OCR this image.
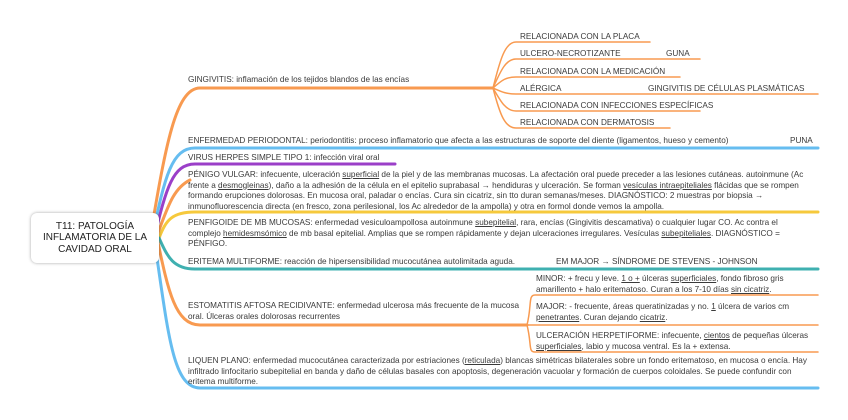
T11: PATOLOGÍA INFLAMATORIA DE LA CAVIDAD ORAL
GINGIVITIS: inflamación de los tejidos blandos de las encías
RELACIONADA CON LA PLACA
ULCERO-NECROTIZANTE	GUNA
RELACIONADA CON LA MEDICACIÓN
ALÉRGICA	GINGIVITIS DE CÉLULAS PLASMÁTICAS
RELACIONADA CON INFECCIONES ESPECÍFICAS
RELACIONADA CON DERMATOSIS
ENFERMEDAD PERIODONTAL: periodontitis: proceso inflamatorio que afecta a las estructuras de soporte del diente (ligamentos, hueso y cemento)	PUNA
VIRUS HERPES SIMPLE TIPO 1: infección viral oral

PÉNIGO VULGAR: infecuente, ulceración superficial de la piel y de las membranas mucosas. La afectación oral puede preceder a las lesiones cutáneas. autoinmune (Ac frente a desmogleinas), daño a la adhesión de la célula en el epitelio suprabasal → hendiduras y ulceración. Se forman vesículas intraepiteliales flácidas que se rompen formando erupciones dolorosas. En mucosa oral, paladar o encías. Cura sin cicatriz, sin tto duran semanas/meses. DIAGNÓSTICO: 2 muestras por biopsia → inmunofluorescencia directa (en fresco, zona perilesional, los Ac alrededor de la ampolla) y otra en formol donde vemos la ampolla.

PENFIGOIDE DE MB MUCOSAS: enfermedad vesiculoampollosa autoinmune subepitelial, rara, encías (Gingivitis descamativa) o cualquier lugar CO. Ac contra el complejo hemidesmsómico de mb basal epitelial. Amplias que se rompen rápidamente y dejan ulceraciones irregulares. Vesículas subepiteliales. DIAGNÓSTICO = PÉNFIGO.

ERITEMA MULTIFORME: reacción de hipersensibilidad mucocutánea autolimitada aguda.	EM MAJOR → SÍNDROME DE STEVENS - JOHNSON

ESTOMATITIS AFTOSA RECIDIVANTE: enfermedad ulcerosa más frecuente de la mucosa oral. Úlceras orales dolorosas recurrentes

MINOR: + frecu y leve. 1 o + úlceras superficiales, fondo fibroso gris amarillento + halo eritematoso. Curan a los 7-10 días sin cicatriz.

MAJOR: - frecuente, áreas queratinizadas y no. 1 úlcera de varios cm penetrantes. Curan dejando cicatriz.

ULCERACIÓN HERPETIFORME: infecuente, cientos de pequeñas úlceras superficiales, labio y mucosa ventral. Es la + extensa.

LIQUEN PLANO: enfermedad mucocutánea caracterizada por estriaciones (reticulada) blancas simétricas bilaterales sobre un fondo eritematoso, en mucosa o encía. Hay infiltrado linfocitario subepitelial en banda y daño de células basales con apoptosis, degeneración vacuolar y formación de cuerpos coloidales. Se puede confundir con eritema multiforme.
